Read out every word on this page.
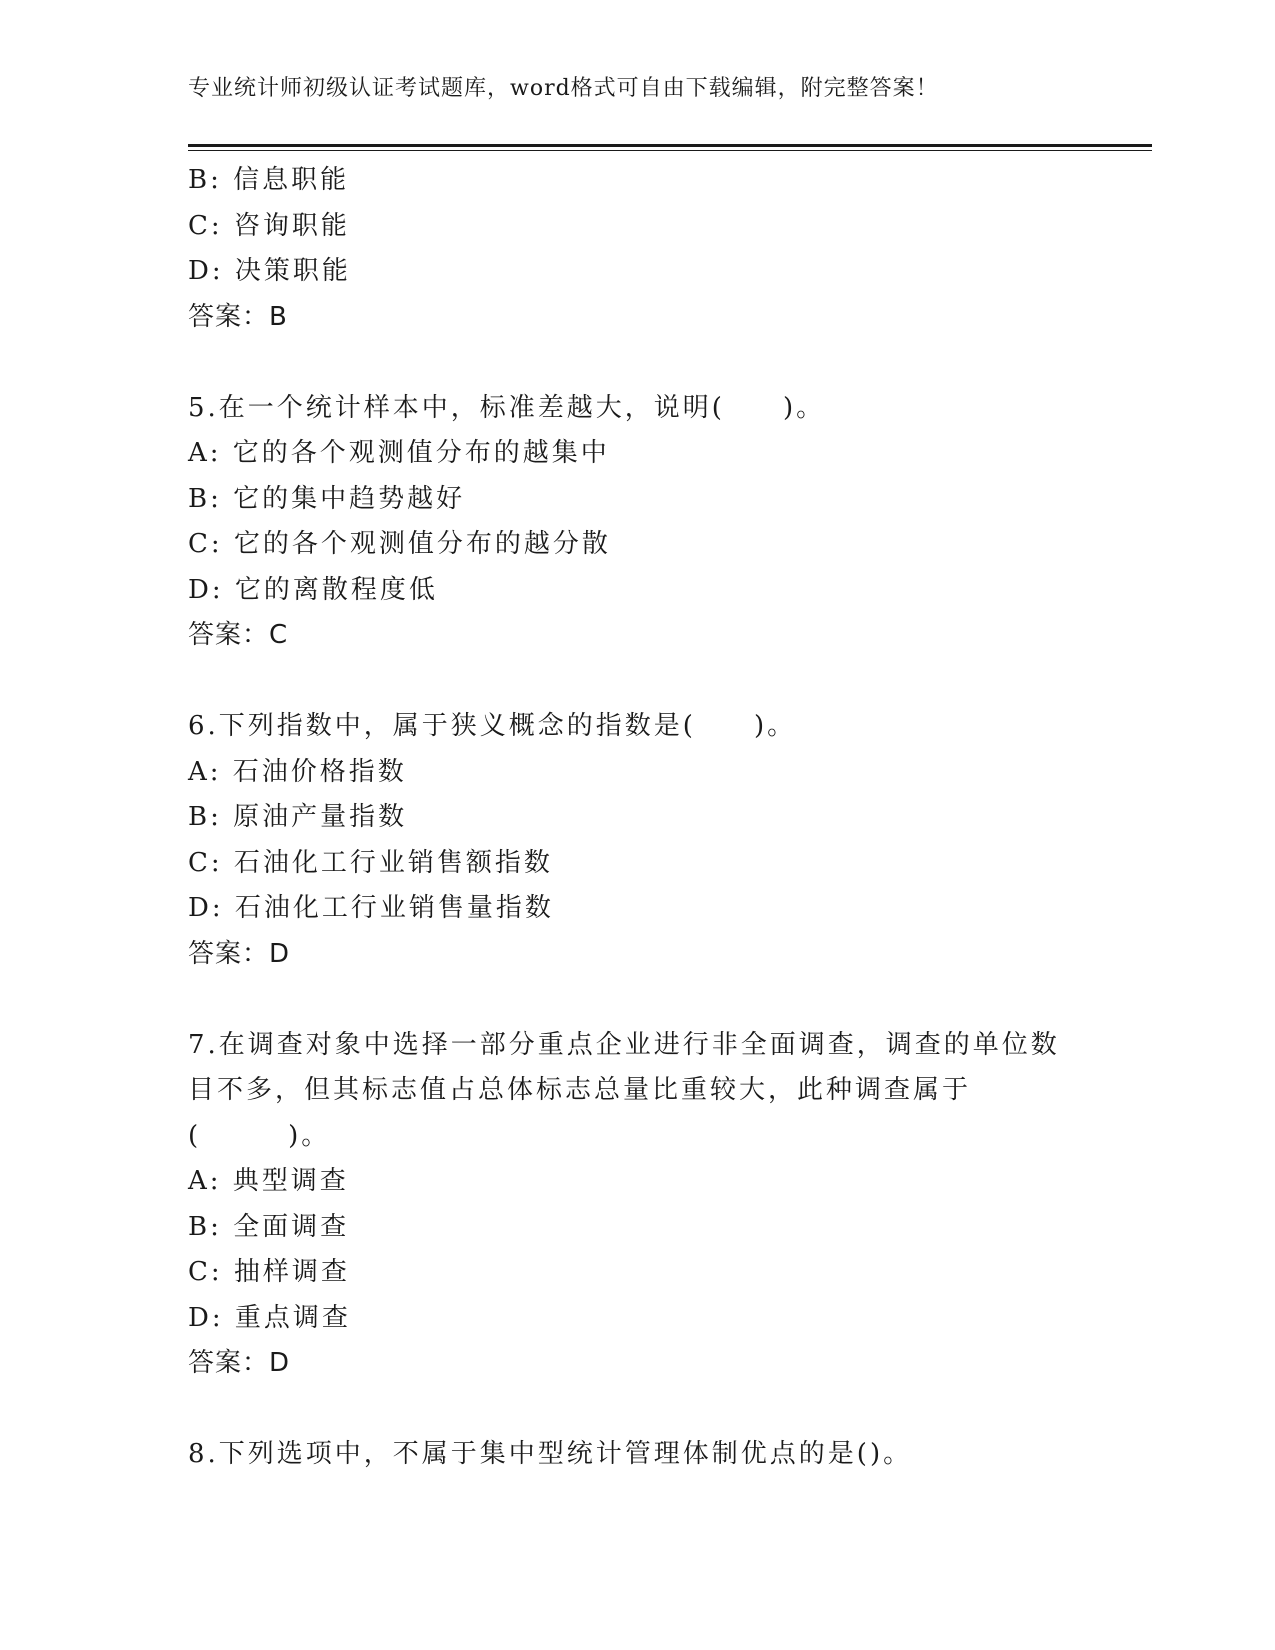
专业统计师初级认证考试题库，word格式可自由下载编辑，附完整答案！
B: 信息职能
C: 咨询职能
D: 决策职能
答案：B
5.在一个统计样本中，标准差越大，说明(　　)。
A: 它的各个观测值分布的越集中
B: 它的集中趋势越好
C: 它的各个观测值分布的越分散
D: 它的离散程度低
答案：C
6.下列指数中，属于狭义概念的指数是(　　)。
A: 石油价格指数
B: 原油产量指数
C: 石油化工行业销售额指数
D: 石油化工行业销售量指数
答案：D
7.在调查对象中选择一部分重点企业进行非全面调查，调查的单位数
目不多，但其标志值占总体标志总量比重较大，此种调查属于
(　　　)。
A: 典型调查
B: 全面调查
C: 抽样调查
D: 重点调查
答案：D
8.下列选项中，不属于集中型统计管理体制优点的是()。
